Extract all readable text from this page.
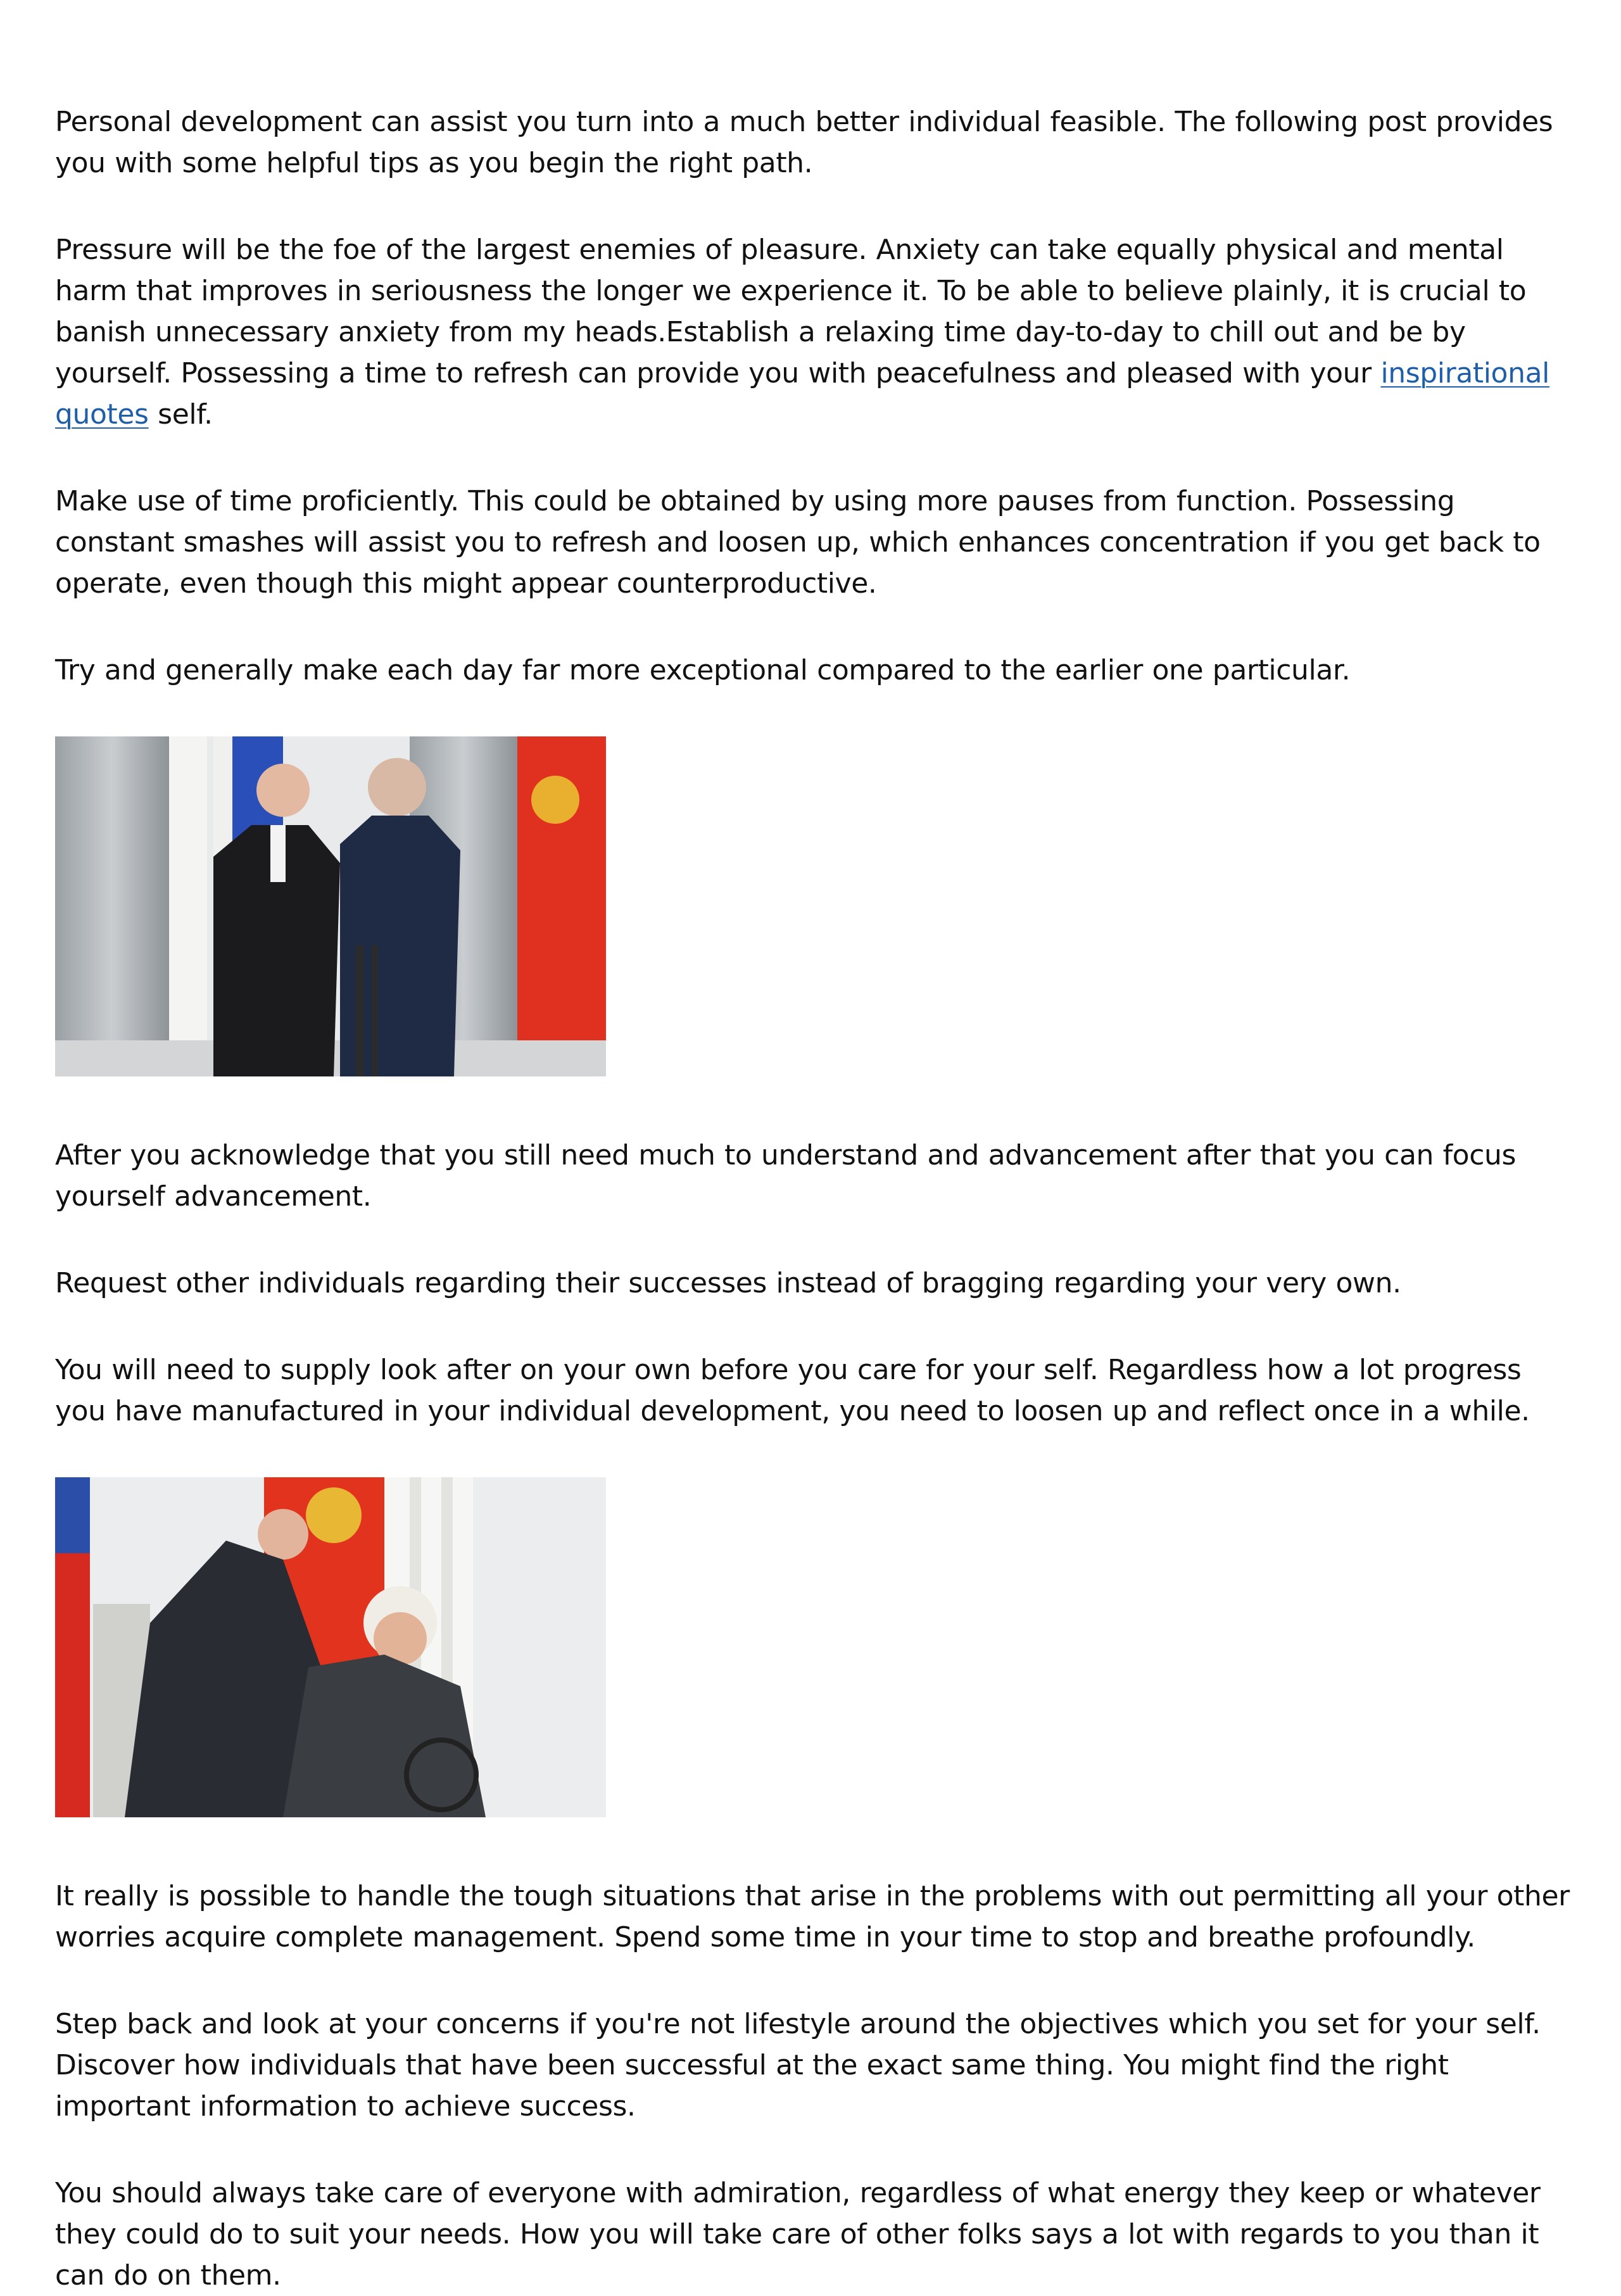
Personal development can assist you turn into a much better individual feasible. The following post provides you with some helpful tips as you begin the right path.

Pressure will be the foe of the largest enemies of pleasure. Anxiety can take equally physical and mental harm that improves in seriousness the longer we experience it. To be able to believe plainly, it is crucial to banish unnecessary anxiety from my heads.Establish a relaxing time day-to-day to chill out and be by yourself. Possessing a time to refresh can provide you with peacefulness and pleased with your inspirational quotes self.

Make use of time proficiently. This could be obtained by using more pauses from function. Possessing constant smashes will assist you to refresh and loosen up, which enhances concentration if you get back to operate, even though this might appear counterproductive.

Try and generally make each day far more exceptional compared to the earlier one particular.

After you acknowledge that you still need much to understand and advancement after that you can focus yourself advancement.

Request other individuals regarding their successes instead of bragging regarding your very own.

You will need to supply look after on your own before you care for your self. Regardless how a lot progress you have manufactured in your individual development, you need to loosen up and reflect once in a while.

It really is possible to handle the tough situations that arise in the problems with out permitting all your other worries acquire complete management. Spend some time in your time to stop and breathe profoundly.

Step back and look at your concerns if you're not lifestyle around the objectives which you set for your self. Discover how individuals that have been successful at the exact same thing. You might find the right important information to achieve success.

You should always take care of everyone with admiration, regardless of what energy they keep or whatever they could do to suit your needs. How you will take care of other folks says a lot with regards to you than it can do on them.
